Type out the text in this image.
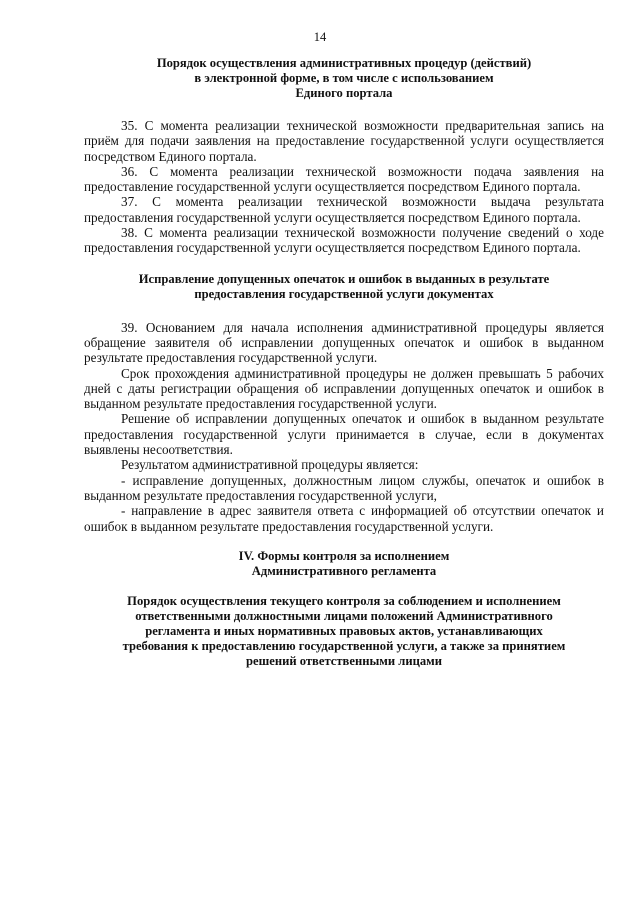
14

Порядок осуществления административных процедур (действий)
в электронной форме, в том числе с использованием
Единого портала

35. С момента реализации технической возможности предварительная запись на приём для подачи заявления на предоставление государственной услуги осуществляется посредством Единого портала.

36. С момента реализации технической возможности подача заявления на предоставление государственной услуги осуществляется посредством Единого портала.

37. С момента реализации технической возможности выдача результата предоставления государственной услуги осуществляется посредством Единого портала.

38. С момента реализации технической возможности получение сведений о ходе предоставления государственной услуги осуществляется посредством Единого портала.

Исправление допущенных опечаток и ошибок в выданных в результате
предоставления государственной услуги документах

39. Основанием для начала исполнения административной процедуры является обращение заявителя об исправлении допущенных опечаток и ошибок в выданном результате предоставления государственной услуги.

Срок прохождения административной процедуры не должен превышать 5 рабочих дней с даты регистрации обращения об исправлении допущенных опечаток и ошибок в выданном результате предоставления государственной услуги.

Решение об исправлении допущенных опечаток и ошибок в выданном результате предоставления государственной услуги принимается в случае, если в документах выявлены несоответствия.

Результатом административной процедуры является:

- исправление допущенных, должностным лицом службы, опечаток и ошибок в выданном результате предоставления государственной услуги,

- направление в адрес заявителя ответа с информацией об отсутствии опечаток и ошибок в выданном результате предоставления государственной услуги.

IV. Формы контроля за исполнением
Административного регламента

Порядок осуществления текущего контроля за соблюдением и исполнением
ответственными должностными лицами положений Административного
регламента и иных нормативных правовых актов, устанавливающих
требования к предоставлению государственной услуги, а также за принятием
решений ответственными лицами
